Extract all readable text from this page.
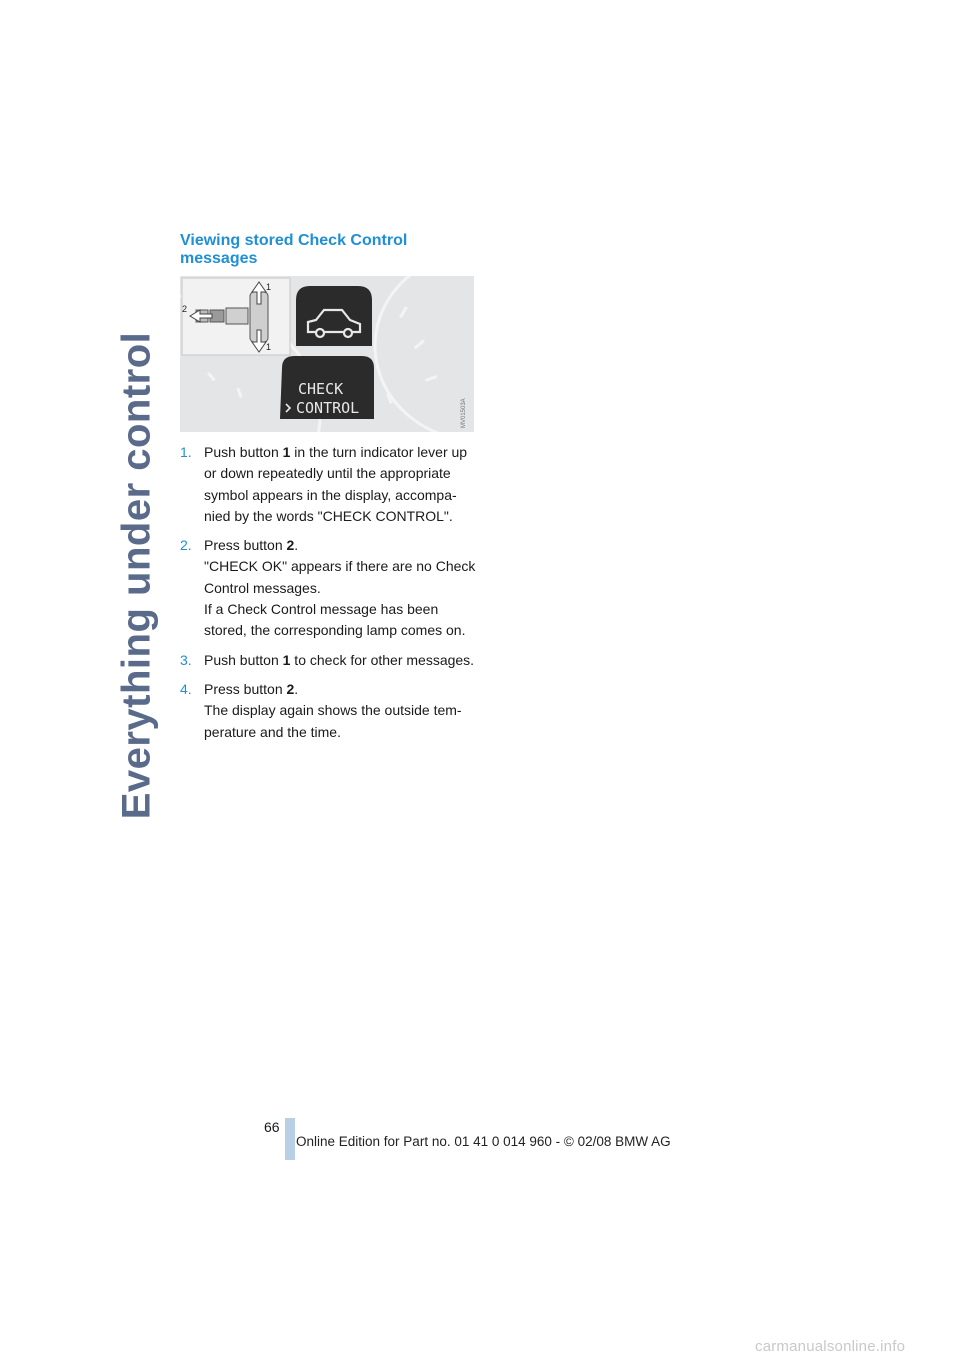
Everything under control
Viewing stored Check Control
messages
1
1
2
CHECK
CONTROL	MV01503A
1. Push button 1 in the turn indicator lever up
or down repeatedly until the appropriate
symbol appears in the display, accompa-
nied by the words "CHECK CONTROL".
2. Press button 2.
"CHECK OK" appears if there are no Check
Control messages.
If a Check Control message has been
stored, the corresponding lamp comes on.
3. Push button 1 to check for other messages.
4. Press button 2.
The display again shows the outside tem-
perature and the time.
66
Online Edition for Part no. 01 41 0 014 960 - © 02/08 BMW AG
carmanualsonline.info
